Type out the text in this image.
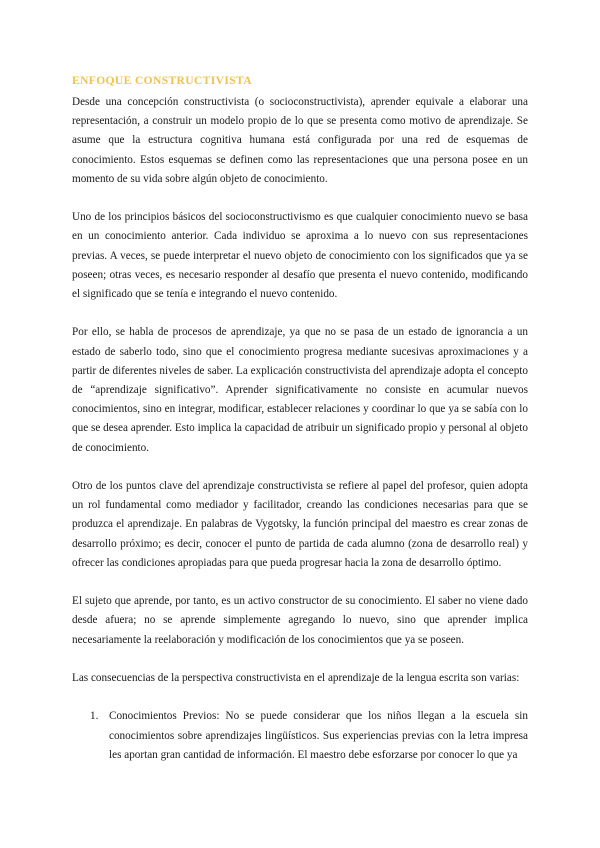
ENFOQUE CONSTRUCTIVISTA

Desde una concepción constructivista (o socioconstructivista), aprender equivale a elaborar una representación, a construir un modelo propio de lo que se presenta como motivo de aprendizaje. Se asume que la estructura cognitiva humana está configurada por una red de esquemas de conocimiento. Estos esquemas se definen como las representaciones que una persona posee en un momento de su vida sobre algún objeto de conocimiento.

Uno de los principios básicos del socioconstructivismo es que cualquier conocimiento nuevo se basa en un conocimiento anterior. Cada individuo se aproxima a lo nuevo con sus representaciones previas. A veces, se puede interpretar el nuevo objeto de conocimiento con los significados que ya se poseen; otras veces, es necesario responder al desafío que presenta el nuevo contenido, modificando el significado que se tenía e integrando el nuevo contenido.

Por ello, se habla de procesos de aprendizaje, ya que no se pasa de un estado de ignorancia a un estado de saberlo todo, sino que el conocimiento progresa mediante sucesivas aproximaciones y a partir de diferentes niveles de saber. La explicación constructivista del aprendizaje adopta el concepto de “aprendizaje significativo”. Aprender significativamente no consiste en acumular nuevos conocimientos, sino en integrar, modificar, establecer relaciones y coordinar lo que ya se sabía con lo que se desea aprender. Esto implica la capacidad de atribuir un significado propio y personal al objeto de conocimiento.

Otro de los puntos clave del aprendizaje constructivista se refiere al papel del profesor, quien adopta un rol fundamental como mediador y facilitador, creando las condiciones necesarias para que se produzca el aprendizaje. En palabras de Vygotsky, la función principal del maestro es crear zonas de desarrollo próximo; es decir, conocer el punto de partida de cada alumno (zona de desarrollo real) y ofrecer las condiciones apropiadas para que pueda progresar hacia la zona de desarrollo óptimo.

El sujeto que aprende, por tanto, es un activo constructor de su conocimiento. El saber no viene dado desde afuera; no se aprende simplemente agregando lo nuevo, sino que aprender implica necesariamente la reelaboración y modificación de los conocimientos que ya se poseen.

Las consecuencias de la perspectiva constructivista en el aprendizaje de la lengua escrita son varias:

1. Conocimientos Previos: No se puede considerar que los niños llegan a la escuela sin conocimientos sobre aprendizajes lingüísticos. Sus experiencias previas con la letra impresa les aportan gran cantidad de información. El maestro debe esforzarse por conocer lo que ya
